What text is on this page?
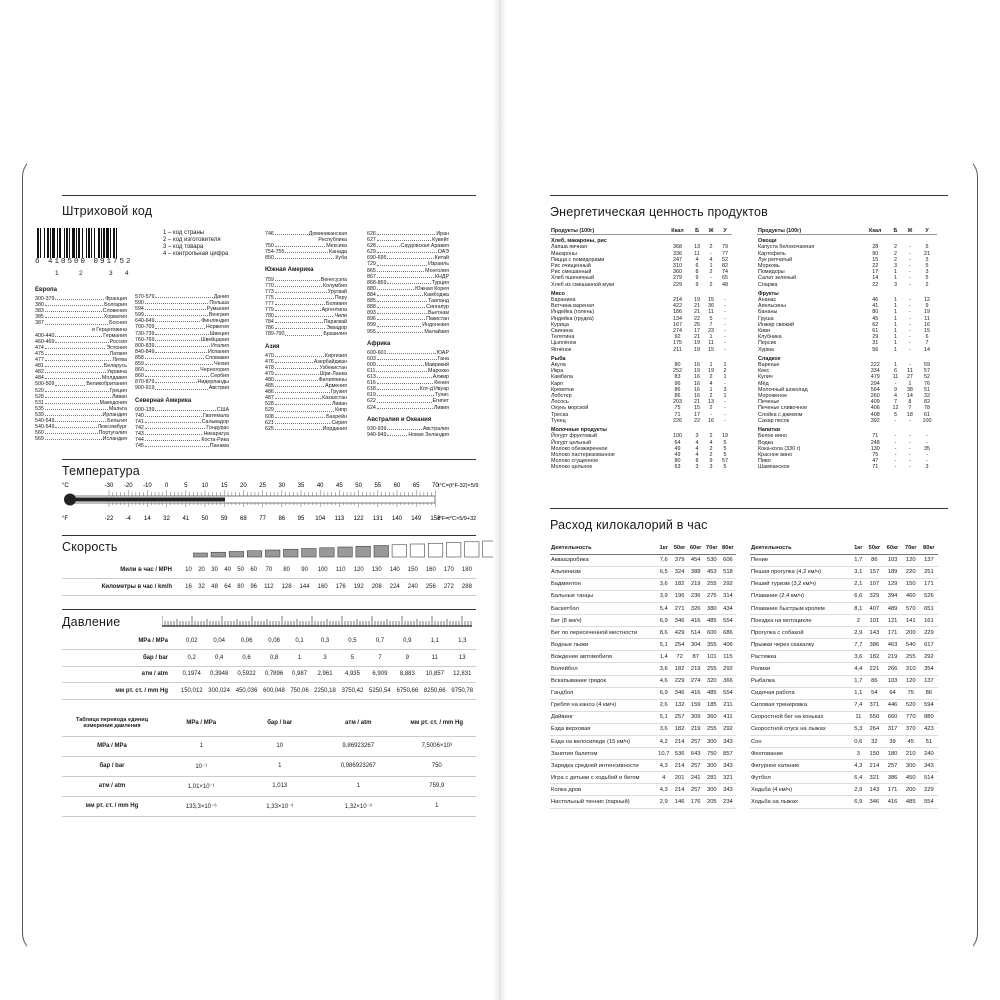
Штриховой код
6 410500 091752
1	2	3 4
1 – код страны
2 – код изготовителя
3 – код товара
4 – контрольная цифра
Европа
300-379	Франция
380	Болгария
383	Словения
385	Хорватия
387	Босния
и Герцеговина
400-440	Германия
460-469	Россия
474	Эстония
475	Латвия
477	Литва
481	Беларусь
482	Украина
484	Молдавия
500-509	Великобритания
520	Греция
528	Ливан
531	Македония
535	Мальта
539	Ирландия
540-549	Бельгия
540-549	Люксембург
560	Португалия
569	Исландия
570-579	Дания
590	Польша
594	Румыния
599	Венгрия
640-649	Финляндия
700-709	Норвегия
730-739	Швеция
760-769	Швейцария
800-839	Италия
840-849	Испания
858	Словакия
859	Чехия
860	Черногория
860	Сербия
870-879	Нидерланды
900-919	Австрия
Северная Америка
000-139	США
740	Гватемала
741	Сальвадор
742	Гондурас
743	Никарагуа
744	Коста-Рика
745	Панама
746	Доминиканская
Республика
750	Мексика
754-755	Канада
850	Куба
Южная Америка
759	Венесуэла
770	Колумбия
773	Уругвай
775	Перу
777	Боливия
779	Аргентина
780	Чили
784	Парагвай
786	Эквадор
789-790	Бразилия
Азия
470	Киргизия
476	Азербайджан
478	Узбекистан
479	Шри-Ланка
480	Филиппины
485	Армения
486	Грузия
487	Казахстан
528	Ливан
529	Кипр
608	Бахрейн
621	Сирия
625	Иордания
626	Иран
627	Кувейт
628	Саудовская Аравия
629	ОАЭ
690-695	Китай
729	Израиль
865	Монголия
867	КНДР
868-869	Турция
880	Южная Корея
884	Камбоджа
885	Таиланд
888	Сингапур
893	Вьетнам
896	Пакистан
899	Индонезия
955	Малайзия
Африка
600-601	ЮАР
603	Гана
609	Маврикий
611	Марокко
613	Алжир
616	Кения
618	Кот-д'Ивуар
619	Тунис
622	Египет
624	Ливия
Австралия и Океания
930-939	Австралия
940-949	Новая Зеландия
Температура
°C
°F
-30 -20 -10 0	5 10 15 20 25 30 35 40 45 50 55 60 65 70
-22 -4 14 32 41 50 59 68 77 86 95 104 113 122 131 140 149 158
t°C=(t°F-32)×5/9
t°F=t°C×5/9+32
Скорость
Мили в час / MPH	10	20	30	40	50	60	70	80	90	100	110	120	130	140	150	160	170	180
Километры в час / km/h	16	32	48	64	80	96	112	128	144	160	176	192	208	224	240	256	272	288
Давление
MPa / MPa	0,02	0,04	0,06	0,08	0,1	0,3	0,5	0,7	0,9	1,1	1,3
бар / bar	0,2	0,4	0,6	0,8	1	3	5	7	9	11	13
атм / atm	0,1974	0,3948	0,5922	0,7896	0,987	2,961	4,935	6,909	8,883	10,857	12,831
мм рт. ст. / mm Hg	150,012	300,024	450,036	600,048	750,06	2250,18	3750,42	5250,54	6750,66	8250,66	9750,78
Таблица перевода единиц измерения давления	MPa / MPa	бар / bar	атм / atm	мм рт. ст. / mm Hg
MPa / MPa	1	10	9,86923267	7,5006×10³
бар / bar	10⁻¹	1	0,986923267	750
атм / atm	1,01×10⁻¹	1,013	1	759,9
мм рт. ст. / mm Hg	133,3×10⁻⁶	1,33×10⁻³	1,32×10⁻³	1
Энергетическая ценность продуктов
Продукты (100г)	Ккал	Б	Ж	У
Хлеб, макароны, рис				
Лапша яичная	368	13	2	79
Макароны	336	11	-	77
Пицца с помидорами	247	4	4	52
Рис очищенный	310	6	1	82
Рис смешанный	360	8	2	74
Хлеб пшеничный	279	9	-	65
Хлеб из смешанной муки	229	9	2	48
Мясо				
Баранина	214	19	15	-
Ветчина вареная	422	21	36	-
Индейка (голень)	186	21	11	-
Индейка (грудка)	134	22	5	-
Курица	167	25	7	-
Свинина	274	17	23	-
Телятина	92	21	1	-
Цыплёнок	175	19	11	-
Ягнёнок	211	19	15	-
Рыба				
Акула	80	16	1	1
Икра	252	19	19	2
Камбала	83	16	2	1
Карп	96	16	4	-
Креветки	86	16	1	3
Лобстер	86	16	2	1
Лосось	203	21	13	-
Окунь морской	75	15	2	-
Треска	71	17	-	-
Тунец	226	22	16	-
Молочные продукты				
Йогурт фруктовый	100	3	2	19
Йогурт цельный	64	4	4	5
Молоко обезжиренное	49	4	2	5
Молоко пастеризованное	49	4	2	5
Молоко сгущенное	80	8	9	57
Молоко цельное	63	3	3	5
Продукты (100г)	Ккал	Б	Ж	У
Овощи				
Капуста белокочанная	28	2	-	5
Картофель	90	2	-	21
Лук репчатый	15	2	-	3
Морковь	22	3	-	5
Помидоры	17	1	-	3
Салат зеленый	14	1	-	5
Спаржа	22	3	-	2
Фрукты				
Ананас	46	1	-	12
Апельсины	41	1	-	9
Бананы	80	1	-	19
Груша	45	1	-	11
Инжир свежий	62	1	-	16
Киви	61	1	-	15
Клубника	29	1	-	6
Персик	31	1	-	7
Хурма	56	1	-	14
Сладкое				
Варенье	222	1	-	59
Кекс	334	6	11	57
Кулич	479	11	27	52
Мёд	294	-	1	76
Молочный шоколад	564	9	38	51
Мороженое	260	4	14	32
Печенье	409	7	8	82
Печенье сливочное	406	12	7	78
Слойка с джемом	408	5	18	61
Сахар песок	392	-	-	100
Напитки				
Белое вино	71	-	-	-
Водка	248	-	-	-
Кока-кола (330 г)	130	-	-	35
Красное вино	75	-	-	-
Пиво	47	-	-	-
Шампанское	71	-	-	3
Расход килокалорий в час
Деятельность	1кг	50кг	60кг	70кг	80кг
Аквааэробика	7,6	379	454	530	606
Альпинизм	6,5	324	388	453	518
Бадминтон	3,6	182	219	255	292
Бальные танцы	3,9	196	236	275	314
Баскетбол	5,4	271	326	380	434
Бег (8 км/ч)	6,9	346	416	485	554
Бег по пересеченной местности	8,6	429	514	600	686
Водные лыжи	5,1	254	304	355	406
Вождение автомобиля	1,4	72	87	101	115
Волейбол	3,6	182	219	255	292
Вскапывание грядок	4,6	229	274	320	366
Гандбол	6,9	346	416	485	554
Гребля на каноэ (4 км/ч)	2,6	132	159	185	211
Дайвинг	5,1	257	309	360	411
Езда верховая	3,6	182	219	255	292
Езда на велосипеде (15 км/ч)	4,2	214	257	300	343
Занятия балетом	10,7	536	643	750	857
Зарядка средней интенсивности	4,3	214	257	300	343
Игра с детьми с ходьбой и бегом	4	201	241	281	321
Колка дров	4,3	214	257	300	343
Настольный теннис (парный)	2,9	146	176	205	234
Деятельность	1кг	50кг	60кг	70кг	80кг
Пение	1,7	86	103	120	137
Пешая прогулка (4,2 км/ч)	3,1	157	189	220	251
Пеший туризм (3,2 км/ч)	2,1	107	129	150	171
Плавание (2,4 км/ч)	6,6	329	394	460	526
Плавание быстрым кролем	8,1	407	489	570	651
Поездка на мотоцикле	2	101	121	141	161
Прогулка с собакой	2,9	143	171	200	229
Прыжки через скакалку	7,7	386	463	540	617
Растяжка	3,6	182	219	255	292
Ролики	4,4	221	266	310	354
Рыбалка	1,7	86	103	120	137
Сидячая работа	1,1	54	64	75	86
Силовая тренировка	7,4	371	446	520	594
Скоростной бег на коньках	11	550	660	770	880
Скоростной спуск на лыжах	5,3	264	317	370	423
Сон	0,6	32	39	45	51
Фехтование	3	150	180	210	240
Фигурное катание	4,3	214	257	300	343
Футбол	6,4	321	386	450	514
Ходьба (4 км/ч)	2,9	143	171	200	229
Ходьба на лыжах	6,9	346	416	485	554
